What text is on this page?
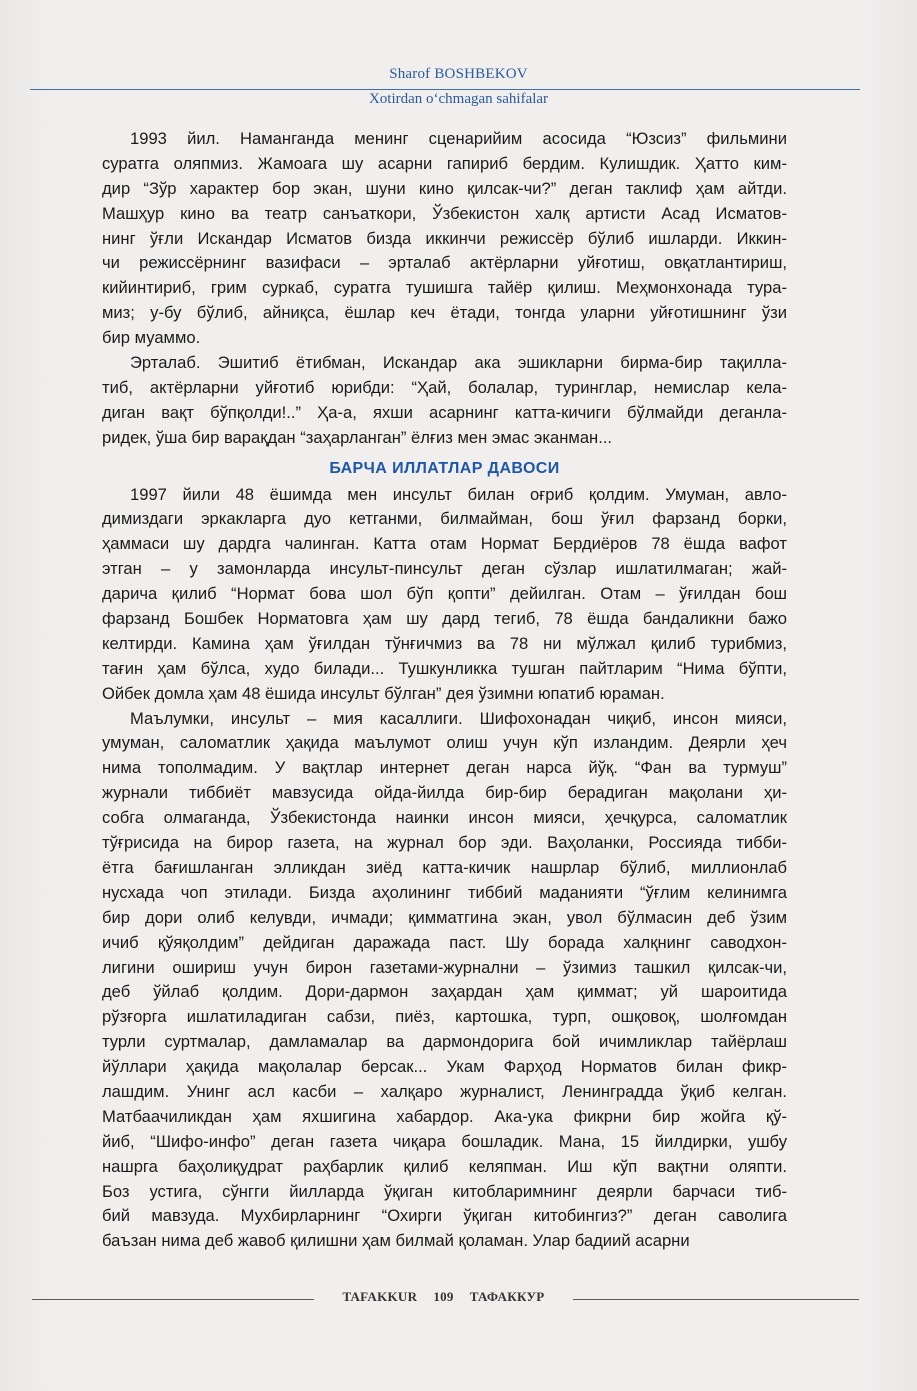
Sharof BOSHBEKOV
Xotirdan o‘chmagan sahifalar
1993 йил. Наманганда менинг сценарийим асосида “Юзсиз” фильмини
суратга оляпмиз. Жамоага шу асарни гапириб бердим. Кулишдик. Ҳатто ким-
дир “Зўр характер бор экан, шуни кино қилсак-чи?” деган таклиф ҳам айтди.
Машҳур кино ва театр санъаткори, Ўзбекистон халқ артисти Асад Исматов-
нинг ўғли Искандар Исматов бизда иккинчи режиссёр бўлиб ишларди. Иккин-
чи режиссёрнинг вазифаси – эрталаб актёрларни уйғотиш, овқатлантириш,
кийинтириб, грим суркаб, суратга тушишга тайёр қилиш. Меҳмонхонада тура-
миз; у-бу бўлиб, айниқса, ёшлар кеч ётади, тонгда уларни уйғотишнинг ўзи
бир муаммо.
Эрталаб. Эшитиб ётибман, Искандар ака эшикларни бирма-бир тақилла-
тиб, актёрларни уйғотиб юрибди: “Ҳай, болалар, туринглар, немислар кела-
диган вақт бўпқолди!..” Ҳа-а, яхши асарнинг катта-кичиги бўлмайди деганла-
ридек, ўша бир варақдан “заҳарланган” ёлғиз мен эмас эканман...
БАРЧА ИЛЛАТЛАР ДАВОСИ
1997 йили 48 ёшимда мен инсульт билан оғриб қолдим. Умуман, авло-
димиздаги эркакларга дуо кетганми, билмайман, бош ўғил фарзанд борки,
ҳаммаси шу дардга чалинган. Катта отам Нормат Бердиёров 78 ёшда вафот
этган – у замонларда инсульт-пинсульт деган сўзлар ишлатилмаган; жай-
дарича қилиб “Нормат бова шол бўп қопти” дейилган. Отам – ўғилдан бош
фарзанд Бошбек Норматовга ҳам шу дард тегиб, 78 ёшда бандаликни бажо
келтирди. Камина ҳам ўғилдан тўнғичмиз ва 78 ни мўлжал қилиб турибмиз,
тағин ҳам бўлса, худо билади... Тушкунликка тушган пайтларим “Нима бўпти,
Ойбек домла ҳам 48 ёшида инсульт бўлган” дея ўзимни юпатиб юраман.
Маълумки, инсульт – мия касаллиги. Шифохонадан чиқиб, инсон мияси,
умуман, саломатлик ҳақида маълумот олиш учун кўп изландим. Деярли ҳеч
нима тополмадим. У вақтлар интернет деган нарса йўқ. “Фан ва турмуш”
журнали тиббиёт мавзусида ойда-йилда бир-бир берадиган мақолани ҳи-
собга олмаганда, Ўзбекистонда наинки инсон мияси, ҳечқурса, саломатлик
тўғрисида на бирор газета, на журнал бор эди. Ваҳоланки, Россияда тибби-
ётга бағишланган элликдан зиёд катта-кичик нашрлар бўлиб, миллионлаб
нусхада чоп этилади. Бизда аҳолининг тиббий маданияти “ўғлим келинимга
бир дори олиб келувди, ичмади; қимматгина экан, увол бўлмасин деб ўзим
ичиб қўяқолдим” дейдиган даражада паст. Шу борада халқнинг саводхон-
лигини ошириш учун бирон газетами-журнални – ўзимиз ташкил қилсак-чи,
деб ўйлаб қолдим. Дори-дармон заҳардан ҳам қиммат; уй шароитида
рўзғорга ишлатиладиган сабзи, пиёз, картошка, турп, ошқовоқ, шолғомдан
турли суртмалар, дамламалар ва дармондорига бой ичимликлар тайёрлаш
йўллари ҳақида мақолалар берсак... Укам Фарҳод Норматов билан фикр-
лашдим. Унинг асл касби – халқаро журналист, Ленинградда ўқиб келган.
Матбаачиликдан ҳам яхшигина хабардор. Ака-ука фикрни бир жойга қў-
йиб, “Шифо-инфо” деган газета чиқара бошладик. Мана, 15 йилдирки, ушбу
нашрга баҳолиқудрат раҳбарлик қилиб келяпман. Иш кўп вақтни оляпти.
Боз устига, сўнгги йилларда ўқиган китобларимнинг деярли барчаси тиб-
бий мавзуда. Мухбирларнинг “Охирги ўқиган китобингиз?” деган саволига
баъзан нима деб жавоб қилишни ҳам билмай қоламан. Улар бадиий асарни
TAFAKKUR 109 ТАФАККУР
